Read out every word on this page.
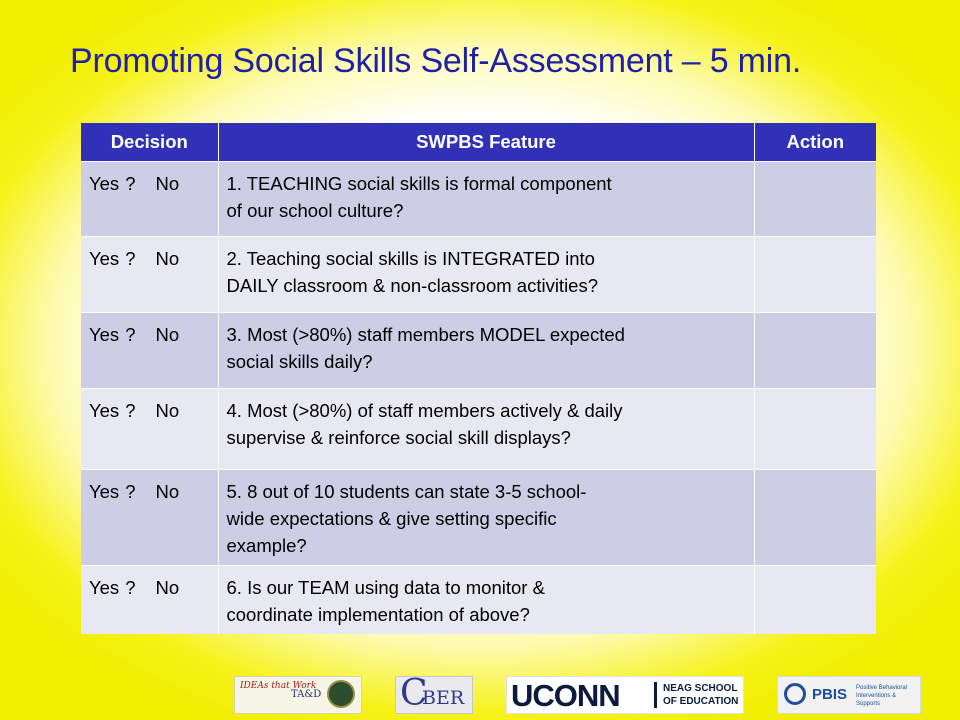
Promoting Social Skills Self-Assessment – 5 min.
Decision	SWPBS Feature	Action
Yes ? No	1. TEACHING social skills is formal component
of our school culture?	
Yes ? No	2. Teaching social skills is INTEGRATED into
DAILY classroom & non-classroom activities?	
Yes ? No	3. Most (>80%) staff members MODEL expected
social skills daily?	
Yes ? No	4. Most (>80%) of staff members actively & daily
supervise & reinforce social skill displays?	
Yes ? No	5. 8 out of 10 students can state 3-5 school-
wide expectations & give setting specific
example?	
Yes ? No	6. Is our TEAM using data to monitor &
coordinate implementation of above?	
IDEAs that Work
TA&D C
BER UCONN	NEAG SCHOOL
OF EDUCATION	PBIS Positive Behavioral Interventions & Supports
